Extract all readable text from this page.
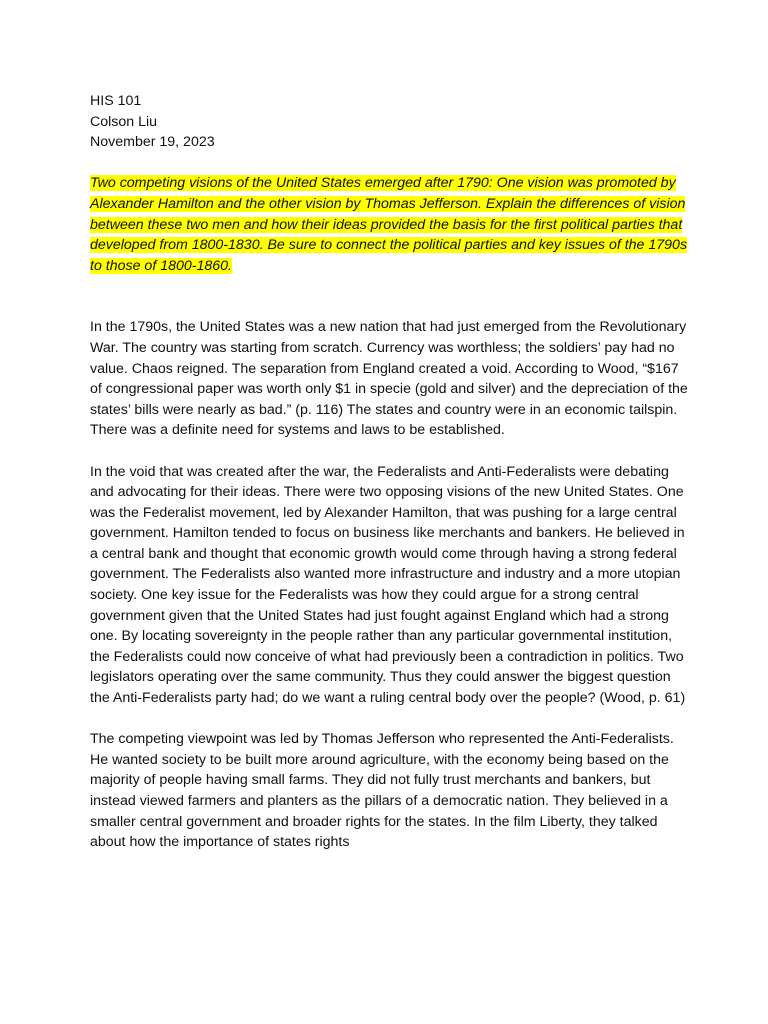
HIS 101

Colson Liu

November 19, 2023

Two competing visions of the United States emerged after 1790: One vision was promoted by Alexander Hamilton and the other vision by Thomas Jefferson. Explain the differences of vision between these two men and how their ideas provided the basis for the first political parties that developed from 1800-1830. Be sure to connect the political parties and key issues of the 1790s to those of 1800-1860.

In the 1790s, the United States was a new nation that had just emerged from the Revolutionary War. The country was starting from scratch. Currency was worthless; the soldiers’ pay had no value. Chaos reigned. The separation from England created a void. According to Wood, “$167 of congressional paper was worth only $1 in specie (gold and silver) and the depreciation of the states’ bills were nearly as bad.” (p. 116) The states and country were in an economic tailspin. There was a definite need for systems and laws to be established.

In the void that was created after the war, the Federalists and Anti-Federalists were debating and advocating for their ideas. There were two opposing visions of the new United States. One was the Federalist movement, led by Alexander Hamilton, that was pushing for a large central government. Hamilton tended to focus on business like merchants and bankers. He believed in a central bank and thought that economic growth would come through having a strong federal government. The Federalists also wanted more infrastructure and industry and a more utopian society. One key issue for the Federalists was how they could argue for a strong central government given that the United States had just fought against England which had a strong one. By locating sovereignty in the people rather than any particular governmental institution, the Federalists could now conceive of what had previously been a contradiction in politics. Two legislators operating over the same community. Thus they could answer the biggest question the Anti-Federalists party had; do we want a ruling central body over the people? (Wood, p. 61)

The competing viewpoint was led by Thomas Jefferson who represented the Anti-Federalists. He wanted society to be built more around agriculture, with the economy being based on the majority of people having small farms. They did not fully trust merchants and bankers, but instead viewed farmers and planters as the pillars of a democratic nation. They believed in a smaller central government and broader rights for the states. In the film Liberty, they talked about how the importance of states rights
